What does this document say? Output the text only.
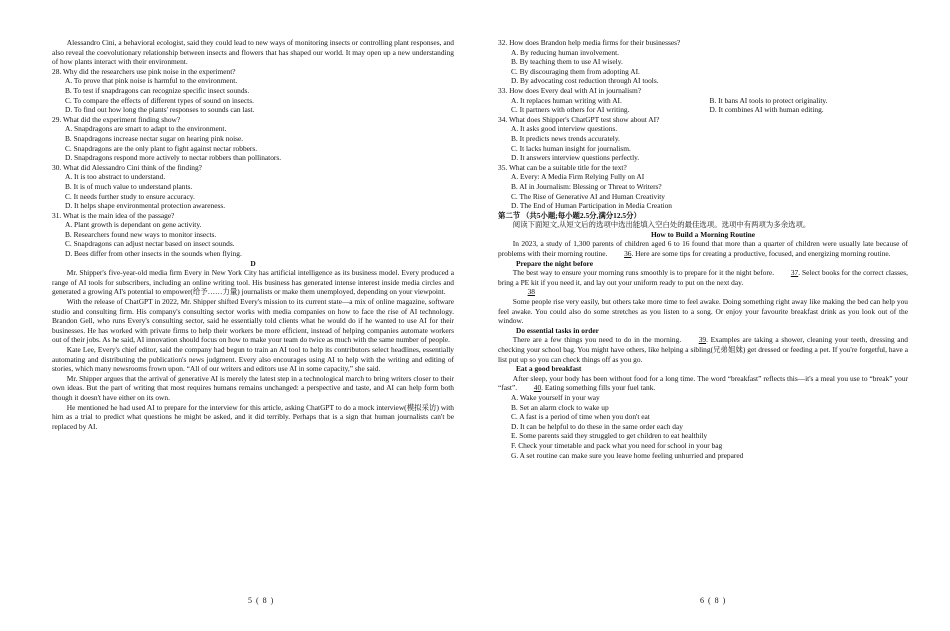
Alessandro Cini, a behavioral ecologist, said they could lead to new ways of monitoring insects or controlling plant responses, and also reveal the coevolutionary relationship between insects and flowers that has shaped our world. It may open up a new understanding of how plants interact with their environment.

28. Why did the researchers use pink noise in the experiment?

A. To prove that pink noise is harmful to the environment.

B. To test if snapdragons can recognize specific insect sounds.

C. To compare the effects of different types of sound on insects.

D. To find out how long the plants' responses to sounds can last.

29. What did the experiment finding show?

A. Snapdragons are smart to adapt to the environment.

B. Snapdragons increase nectar sugar on hearing pink noise.

C. Snapdragons are the only plant to fight against nectar robbers.

D. Snapdragons respond more actively to nectar robbers than pollinators.

30. What did Alessandro Cini think of the finding?

A. It is too abstract to understand.

B. It is of much value to understand plants.

C. It needs further study to ensure accuracy.

D. It helps shape environmental protection awareness.

31. What is the main idea of the passage?

A. Plant growth is dependant on gene activity.

B. Researchers found new ways to monitor insects.

C. Snapdragons can adjust nectar based on insect sounds.

D. Bees differ from other insects in the sounds when flying.

D

Mr. Shipper's five-year-old media firm Every in New York City has artificial intelligence as its business model. Every produced a range of AI tools for subscribers, including an online writing tool. His business has generated intense interest inside media circles and generated a growing AI's potential to empower(给予……力量) journalists or make them unemployed, depending on your viewpoint.

With the release of ChatGPT in 2022, Mr. Shipper shifted Every's mission to its current state—a mix of online magazine, software studio and consulting firm. His company's consulting sector works with media companies on how to face the rise of AI technology. Brandon Gell, who runs Every's consulting sector, said he essentially told clients what he would do if he wanted to use AI for their businesses. He has worked with private firms to help their workers be more efficient, instead of helping companies automate workers out of their jobs. As he said, AI innovation should focus on how to make your team do twice as much with the same number of people.

Kate Lee, Every's chief editor, said the company had begun to train an AI tool to help its contributors select headlines, essentially automating and distributing the publication's news judgment. Every also encourages using AI to help with the writing and editing of stories, which many newsrooms frown upon. “All of our writers and editors use AI in some capacity,” she said.

Mr. Shipper argues that the arrival of generative AI is merely the latest step in a technological march to bring writers closer to their own ideas. But the part of writing that most requires humans remains unchanged: a perspective and taste, and AI can help form both though it doesn't have either on its own.

He mentioned he had used AI to prepare for the interview for this article, asking ChatGPT to do a mock interview(模拟采访) with him as a trial to predict what questions he might be asked, and it did terribly. Perhaps that is a sign that human journalists can't be replaced by AI.

32. How does Brandon help media firms for their businesses?

A. By reducing human involvement.

B. By teaching them to use AI wisely.

C. By discouraging them from adopting AI.

D. By advocating cost reduction through AI tools.

33. How does Every deal with AI in journalism?

A. It replaces human writing with AI.	B. It bans AI tools to protect originality.
C. It partners with others for AI writing.	D. It combines AI with human editing.

34. What does Shipper's ChatGPT test show about AI?

A. It asks good interview questions.

B. It predicts news trends accurately.

C. It lacks human insight for journalism.

D. It answers interview questions perfectly.

35. What can be a suitable title for the text?

A. Every: A Media Firm Relying Fully on AI

B. AI in Journalism: Blessing or Threat to Writers?

C. The Rise of Generative AI and Human Creativity

D. The End of Human Participation in Media Creation

第二节 （共5小题;每小题2.5分,满分12.5分）

阅读下面短文,从短文后的选项中选出能填入空白处的最佳选项。选项中有两项为多余选项。

How to Build a Morning Routine

In 2023, a study of 1,300 parents of children aged 6 to 16 found that more than a quarter of children were usually late because of problems with their morning routine. 36. Here are some tips for creating a productive, focused, and energizing morning routine.

Prepare the night before

The best way to ensure your morning runs smoothly is to prepare for it the night before. 37. Select books for the correct classes, bring a PE kit if you need it, and lay out your uniform ready to put on the next day.

38

Some people rise very easily, but others take more time to feel awake. Doing something right away like making the bed can help you feel awake. You could also do some stretches as you listen to a song. Or enjoy your favourite breakfast drink as you look out of the window.

Do essential tasks in order

There are a few things you need to do in the morning. 39. Examples are taking a shower, cleaning your teeth, dressing and checking your school bag. You might have others, like helping a sibling(兄弟姐妹) get dressed or feeding a pet. If you're forgetful, have a list put up so you can check things off as you go.

Eat a good breakfast

After sleep, your body has been without food for a long time. The word “breakfast” reflects this—it's a meal you use to “break” your “fast”. 40. Eating something fills your fuel tank.

A. Wake yourself in your way

B. Set an alarm clock to wake up

C. A fast is a period of time when you don't eat

D. It can be helpful to do these in the same order each day

E. Some parents said they struggled to get children to eat healthily

F. Check your timetable and pack what you need for school in your bag

G. A set routine can make sure you leave home feeling unhurried and prepared

5 ( 8 )	6 ( 8 )
